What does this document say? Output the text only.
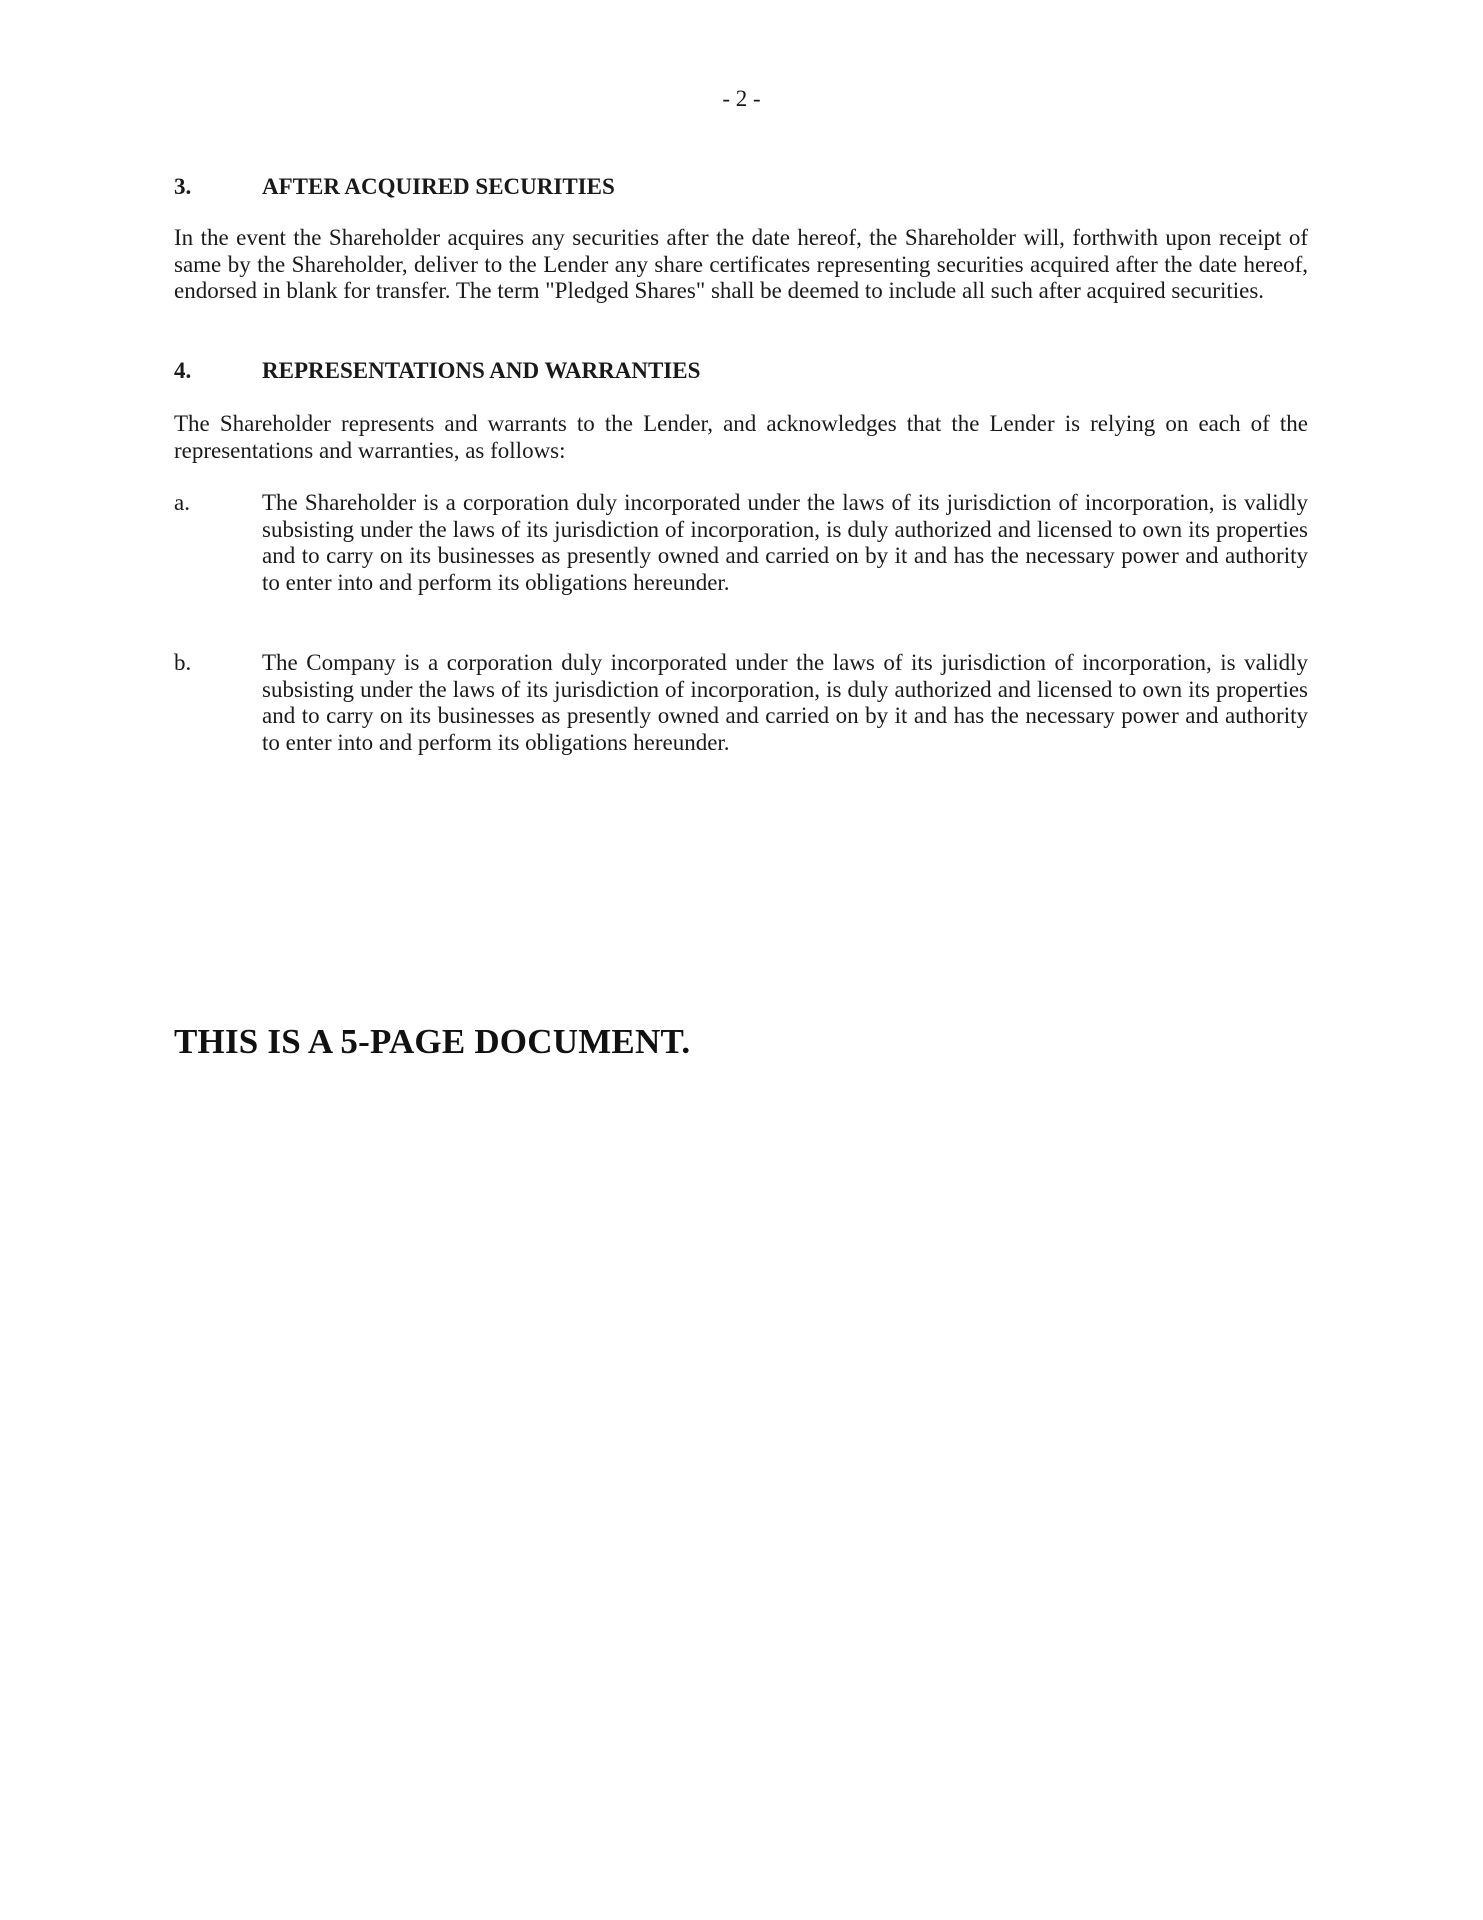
- 2 -
3.	AFTER ACQUIRED SECURITIES
In the event the Shareholder acquires any securities after the date hereof, the Shareholder will, forthwith upon receipt of same by the Shareholder, deliver to the Lender any share certificates representing securities acquired after the date hereof, endorsed in blank for transfer. The term "Pledged Shares" shall be deemed to include all such after acquired securities.
4.	REPRESENTATIONS AND WARRANTIES
The Shareholder represents and warrants to the Lender, and acknowledges that the Lender is relying on each of the representations and warranties, as follows:
a.	The Shareholder is a corporation duly incorporated under the laws of its jurisdiction of incorporation, is validly subsisting under the laws of its jurisdiction of incorporation, is duly authorized and licensed to own its properties and to carry on its businesses as presently owned and carried on by it and has the necessary power and authority to enter into and perform its obligations hereunder.
b.	The Company is a corporation duly incorporated under the laws of its jurisdiction of incorporation, is validly subsisting under the laws of its jurisdiction of incorporation, is duly authorized and licensed to own its properties and to carry on its businesses as presently owned and carried on by it and has the necessary power and authority to enter into and perform its obligations hereunder.
THIS IS A 5-PAGE DOCUMENT.
